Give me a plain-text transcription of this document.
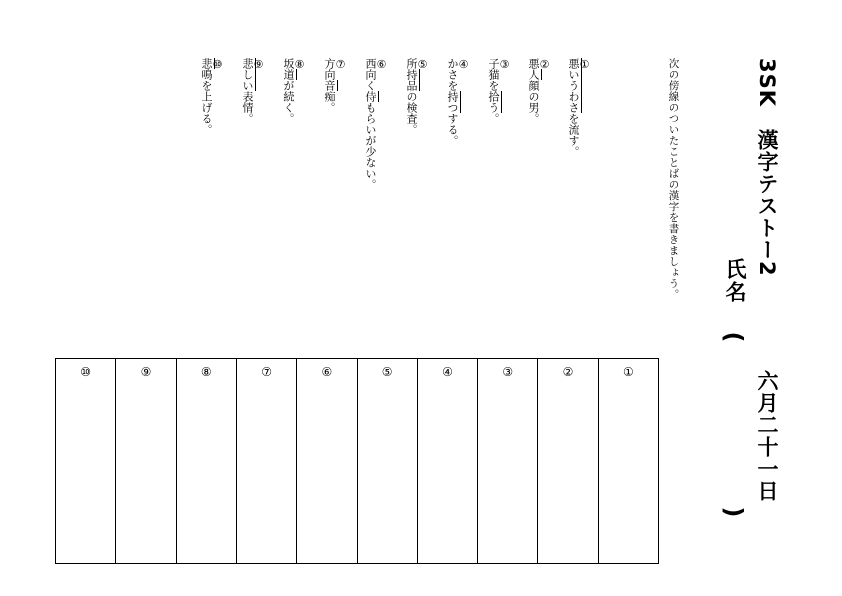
3SK　漢字テストー2
六月二十一日
氏名
(
)
次の傍線のついたことばの漢字を書きましょう。
①
悪いうわさを流す。
②
悪人顔の男。
③
子猫を拾う。
④
かさを持つする。
⑤
所持品の検査。
⑥
西向く侍もらいが少ない。
⑦
方向音痴。
⑧
坂道が続く。
⑨
悲しい表情。
⑩
悲鳴を上げる。
①
②
③
④
⑤
⑥
⑦
⑧
⑨
⑩
